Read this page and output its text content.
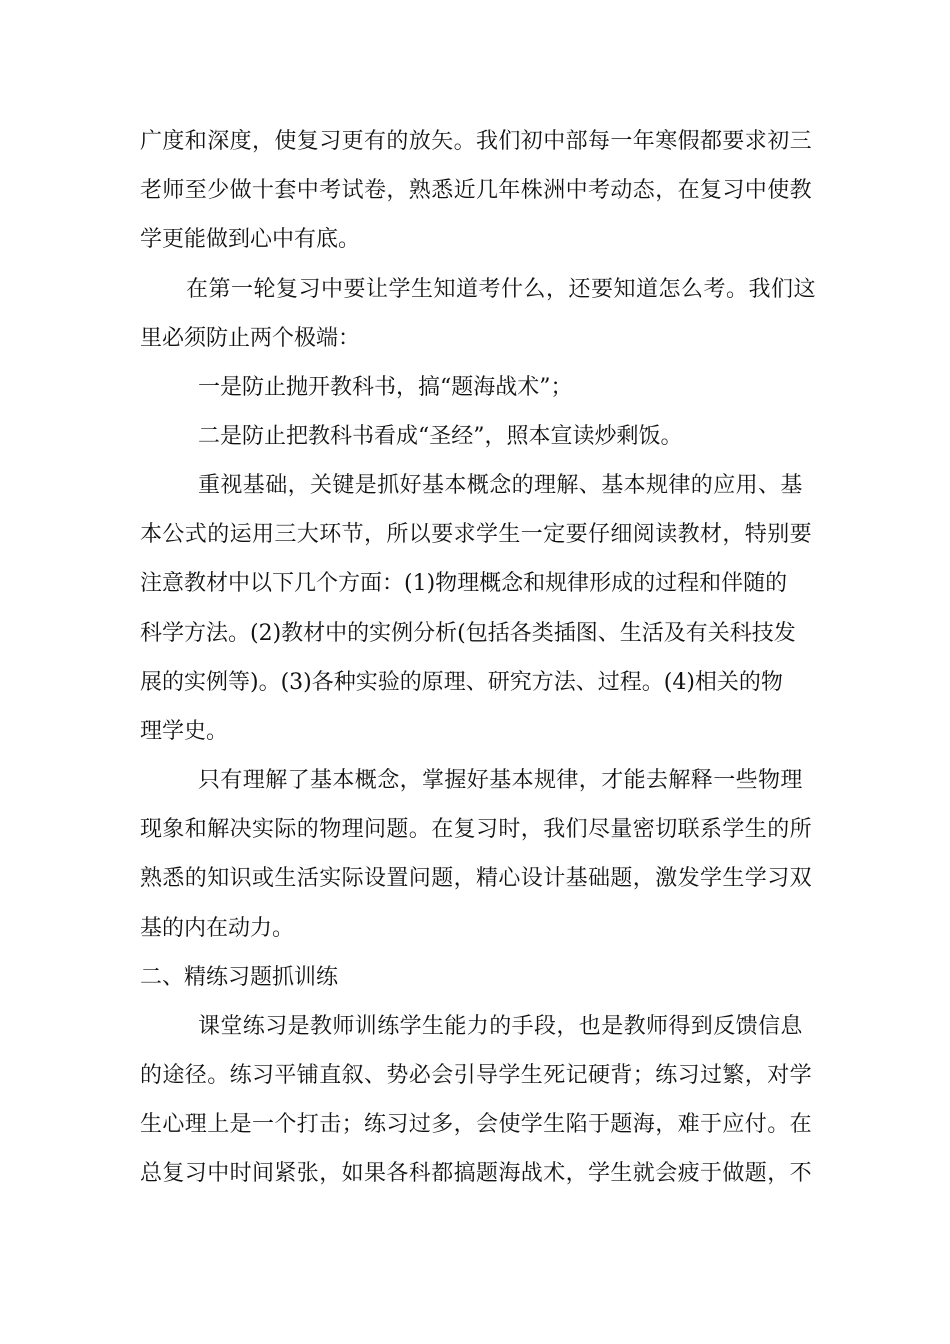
广度和深度，使复习更有的放矢。我们初中部每一年寒假都要求初三
老师至少做十套中考试卷，熟悉近几年株洲中考动态，在复习中使教
学更能做到心中有底。
在第一轮复习中要让学生知道考什么，还要知道怎么考。我们这
里必须防止两个极端：
一是防止抛开教科书，搞“题海战术”；
二是防止把教科书看成“圣经”，照本宣读炒剩饭。
重视基础，关键是抓好基本概念的理解、基本规律的应用、基
本公式的运用三大环节，所以要求学生一定要仔细阅读教材，特别要
注意教材中以下几个方面：(1)物理概念和规律形成的过程和伴随的
科学方法。(2)教材中的实例分析(包括各类插图、生活及有关科技发
展的实例等)。(3)各种实验的原理、研究方法、过程。(4)相关的物
理学史。
只有理解了基本概念，掌握好基本规律，才能去解释一些物理
现象和解决实际的物理问题。在复习时，我们尽量密切联系学生的所
熟悉的知识或生活实际设置问题，精心设计基础题，激发学生学习双
基的内在动力。
二、精练习题抓训练
课堂练习是教师训练学生能力的手段，也是教师得到反馈信息
的途径。练习平铺直叙、势必会引导学生死记硬背；练习过繁，对学
生心理上是一个打击；练习过多，会使学生陷于题海，难于应付。在
总复习中时间紧张，如果各科都搞题海战术，学生就会疲于做题，不
